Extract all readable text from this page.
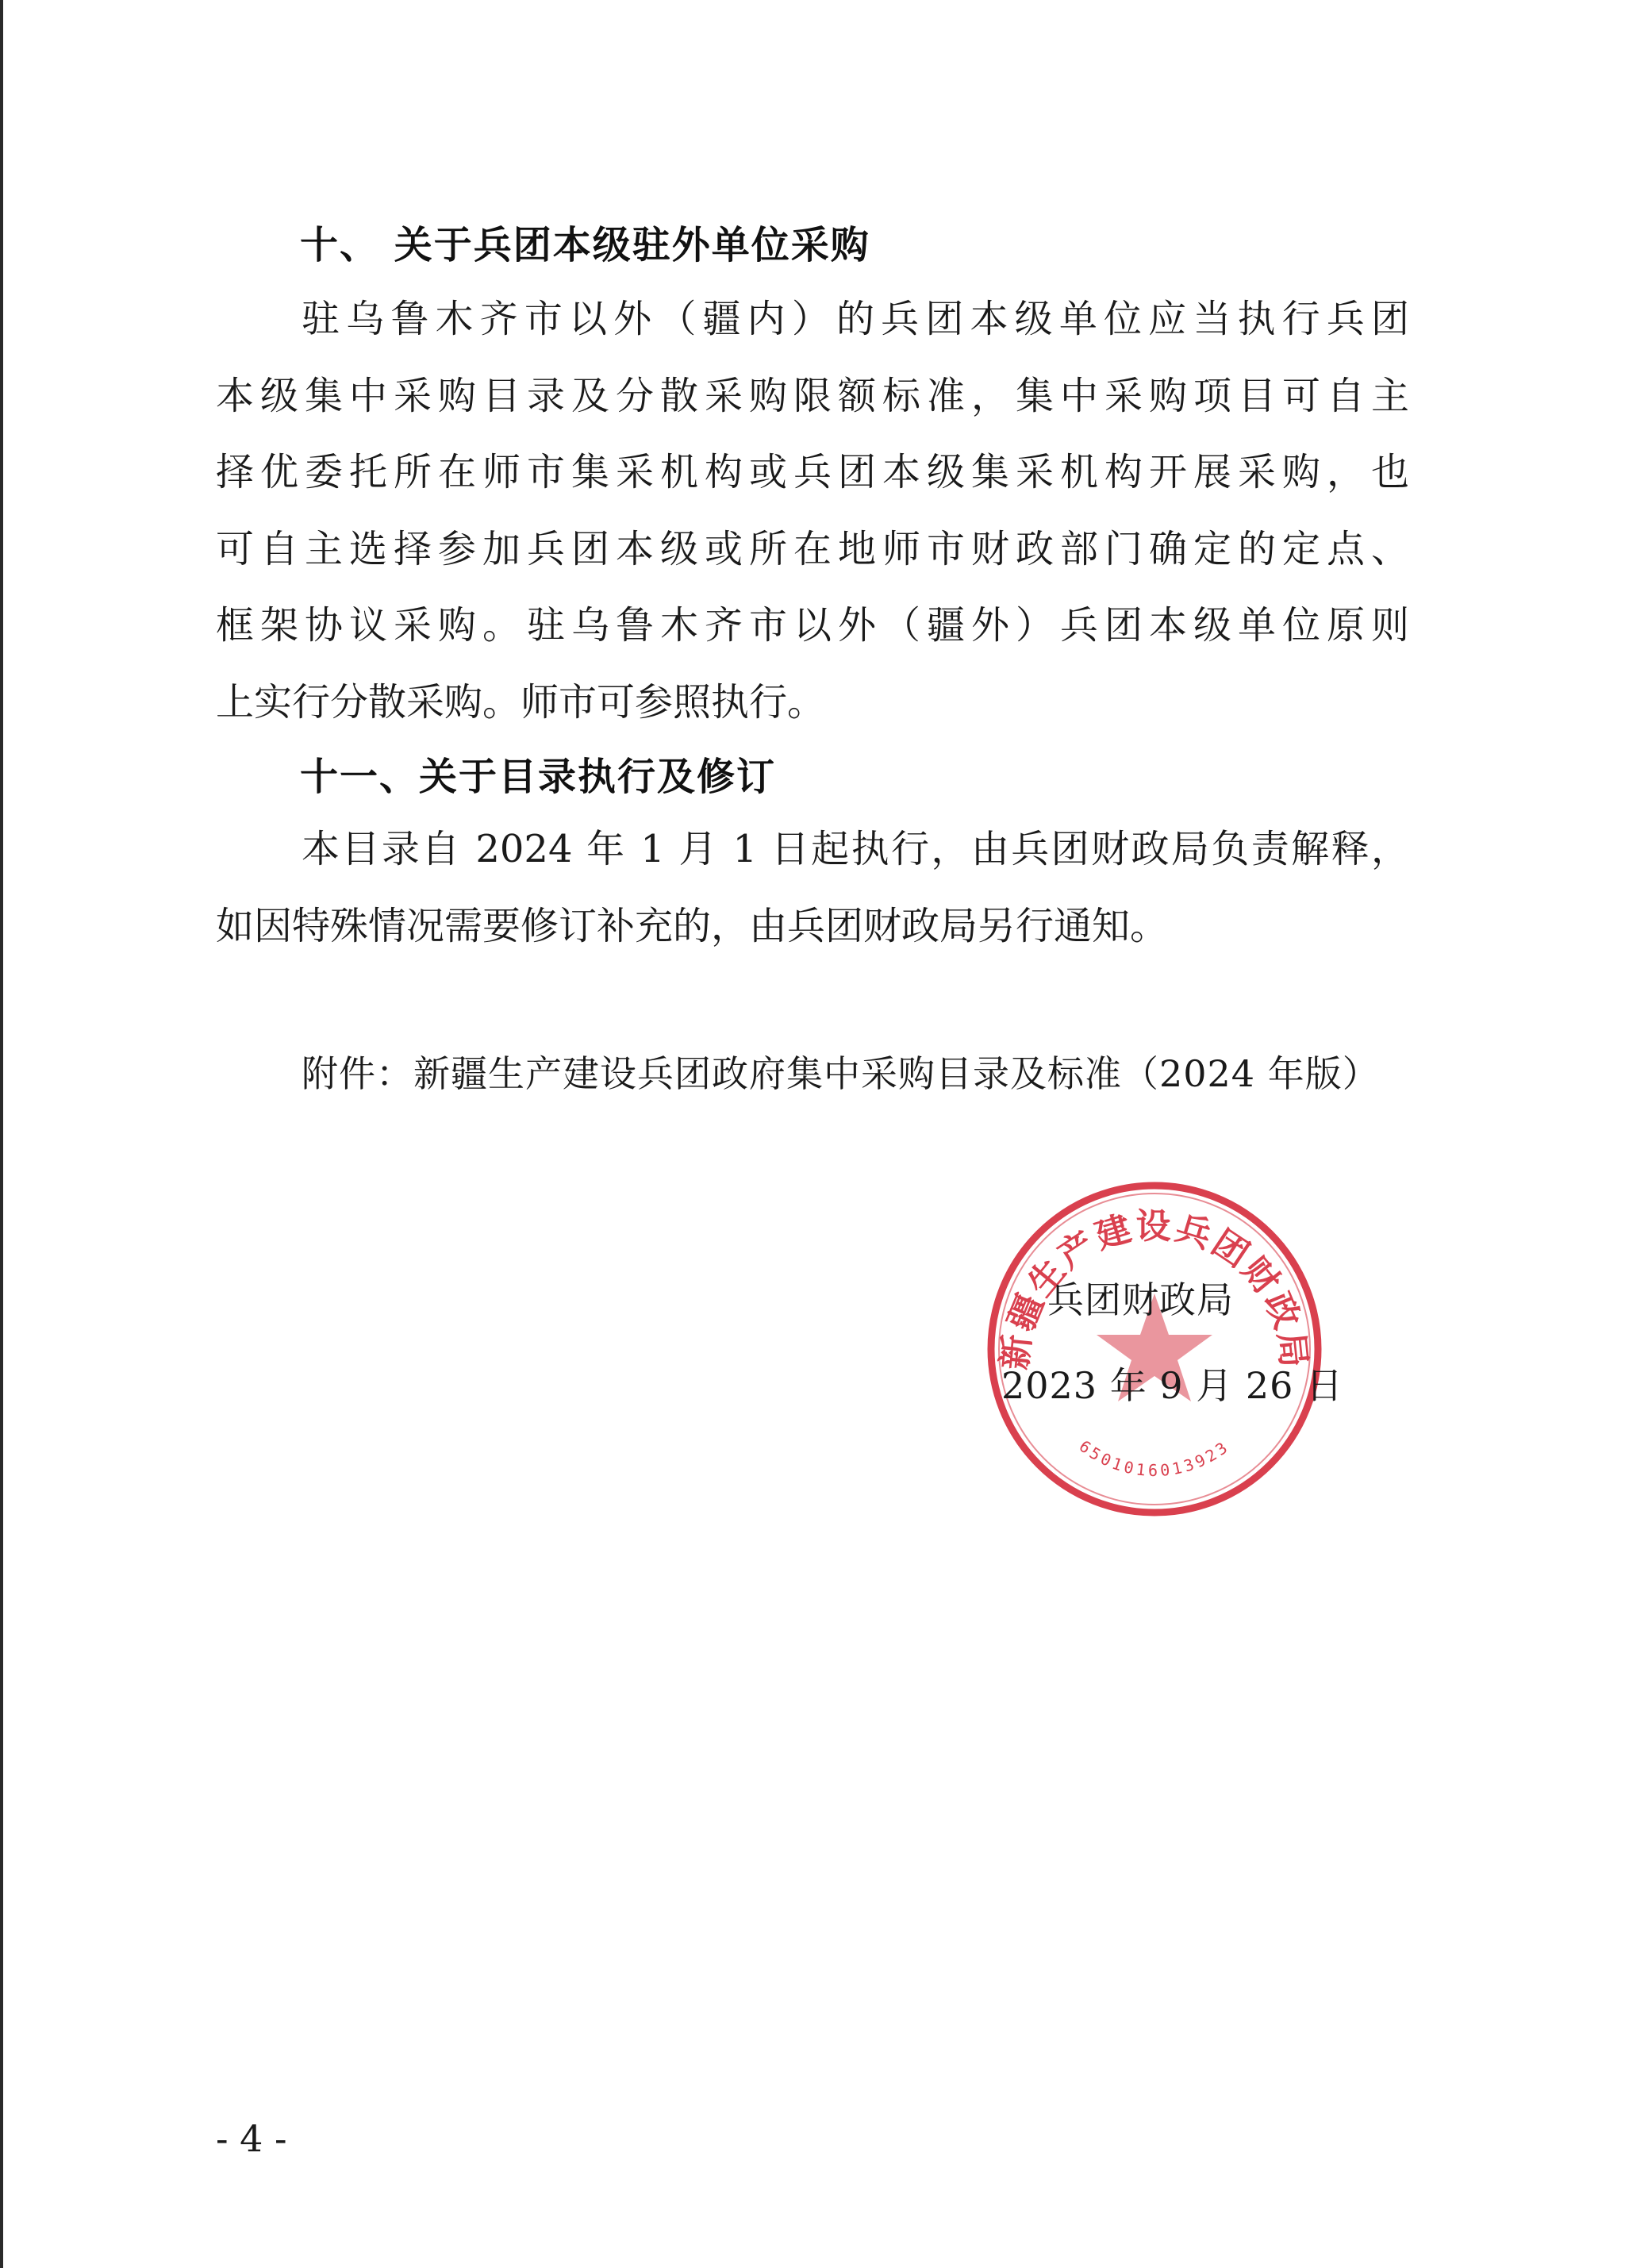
十、 关于兵团本级驻外单位采购
驻乌鲁木齐市以外（疆内）的兵团本级单位应当执行兵团
本级集中采购目录及分散采购限额标准，集中采购项目可自主
择优委托所在师市集采机构或兵团本级集采机构开展采购，也
可自主选择参加兵团本级或所在地师市财政部门确定的定点、
框架协议采购。驻乌鲁木齐市以外（疆外）兵团本级单位原则
上实行分散采购。师市可参照执行。
十一、关于目录执行及修订
本目录自 2024 年 1 月 1 日起执行，由兵团财政局负责解释，
如因特殊情况需要修订补充的，由兵团财政局另行通知。
附件：新疆生产建设兵团政府集中采购目录及标准（2024 年版）
新疆生产建设兵团财政局
6501016013923
兵团财政局
2023 年 9 月 26 日
- 4 -
